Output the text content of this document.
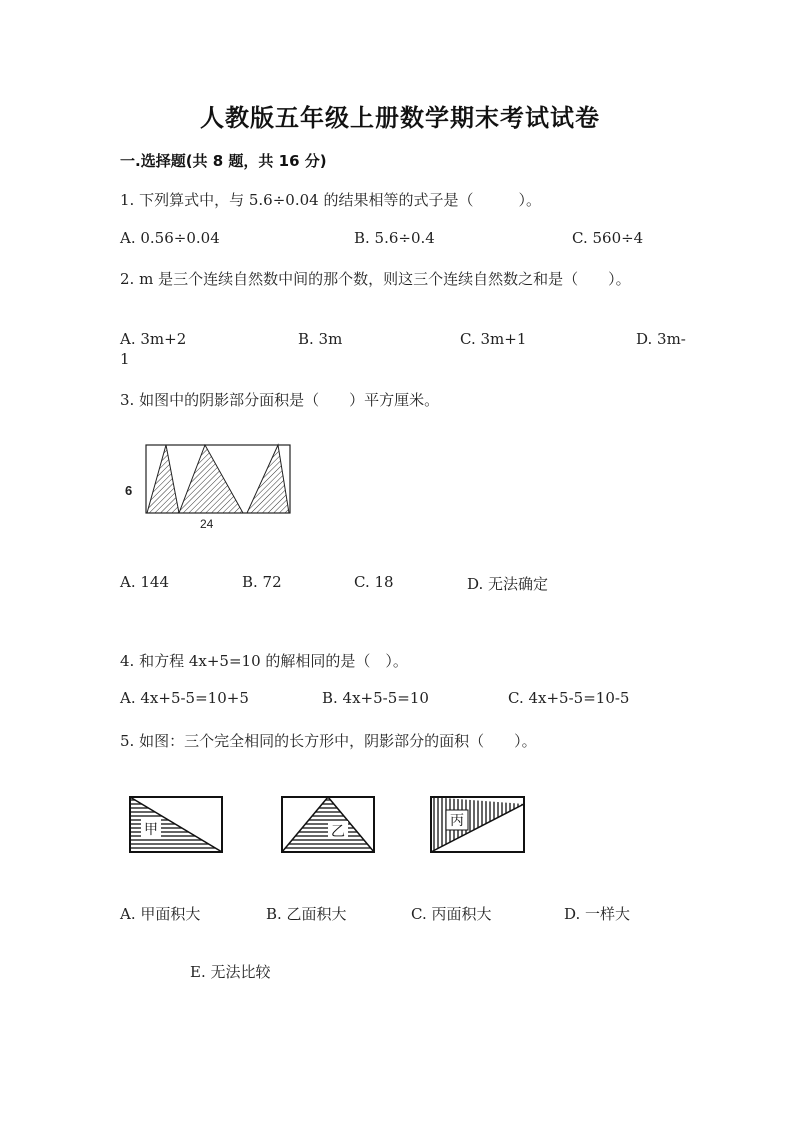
人教版五年级上册数学期末考试试卷
一.选择题(共 8 题，共 16 分)
1. 下列算式中，与 5.6÷0.04 的结果相等的式子是（　　　）。
A. 0.56÷0.04	B. 5.6÷0.4	C. 560÷4
2. m 是三个连续自然数中间的那个数，则这三个连续自然数之和是（　　）。
A. 3m+2	B. 3m	C. 3m+1	D. 3m-
1
3. 如图中的阴影部分面积是（　　）平方厘米。
6
24
A. 144	B. 72	C. 18	D. 无法确定
4. 和方程 4x+5=10 的解相同的是（　）。
A. 4x+5-5=10+5	B. 4x+5-5=10	C. 4x+5-5=10-5
5. 如图：三个完全相同的长方形中，阴影部分的面积（　　）。
甲	乙
丙
A. 甲面积大	B. 乙面积大	C. 丙面积大	D. 一样大
E. 无法比较
